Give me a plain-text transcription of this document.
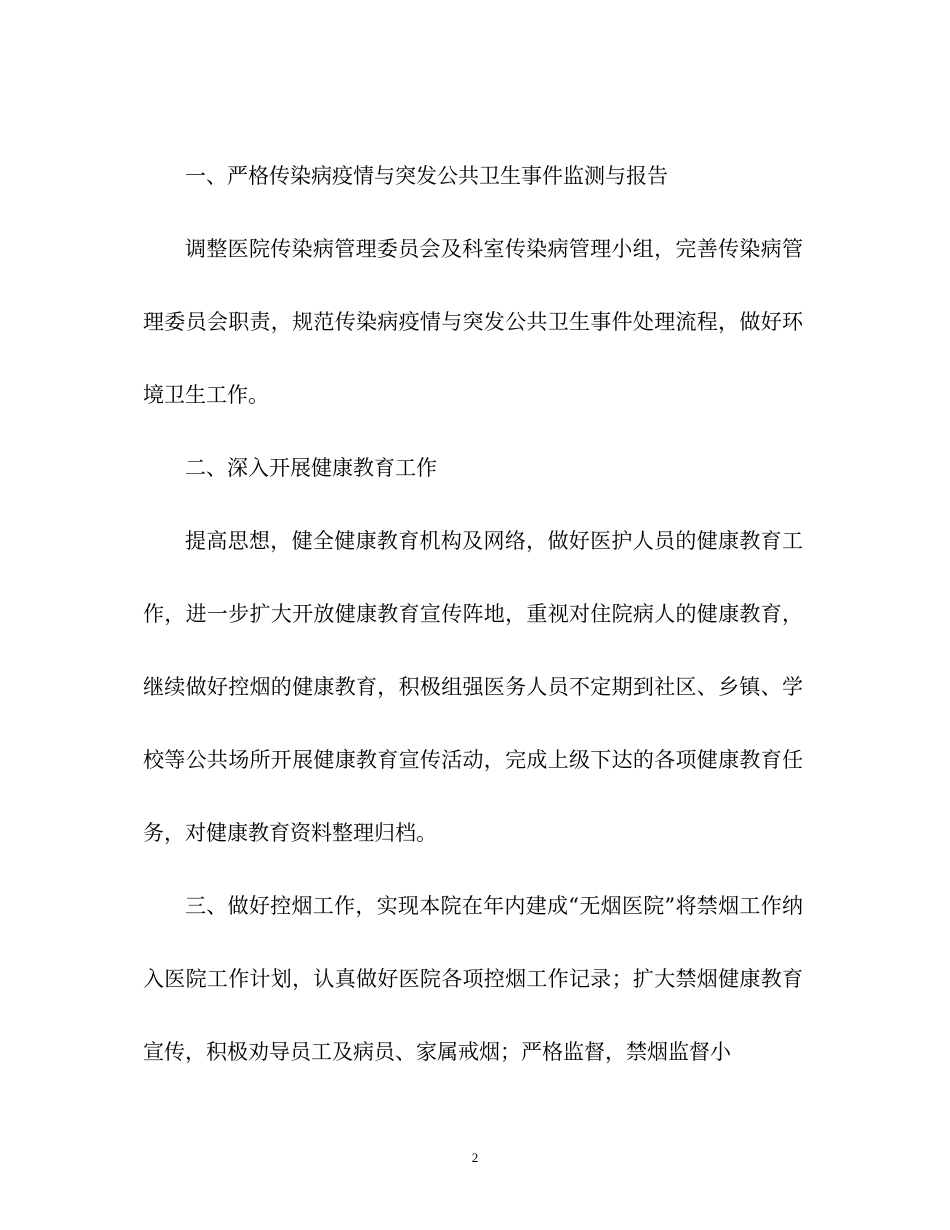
一、严格传染病疫情与突发公共卫生事件监测与报告

调整医院传染病管理委员会及科室传染病管理小组，完善传染病管理委员会职责，规范传染病疫情与突发公共卫生事件处理流程，做好环境卫生工作。

二、深入开展健康教育工作

提高思想，健全健康教育机构及网络，做好医护人员的健康教育工作，进一步扩大开放健康教育宣传阵地，重视对住院病人的健康教育，继续做好控烟的健康教育，积极组强医务人员不定期到社区、乡镇、学校等公共场所开展健康教育宣传活动，完成上级下达的各项健康教育任务，对健康教育资料整理归档。

三、做好控烟工作，实现本院在年内建成“无烟医院”将禁烟工作纳入医院工作计划，认真做好医院各项控烟工作记录；扩大禁烟健康教育宣传，积极劝导员工及病员、家属戒烟；严格监督，禁烟监督小

2
